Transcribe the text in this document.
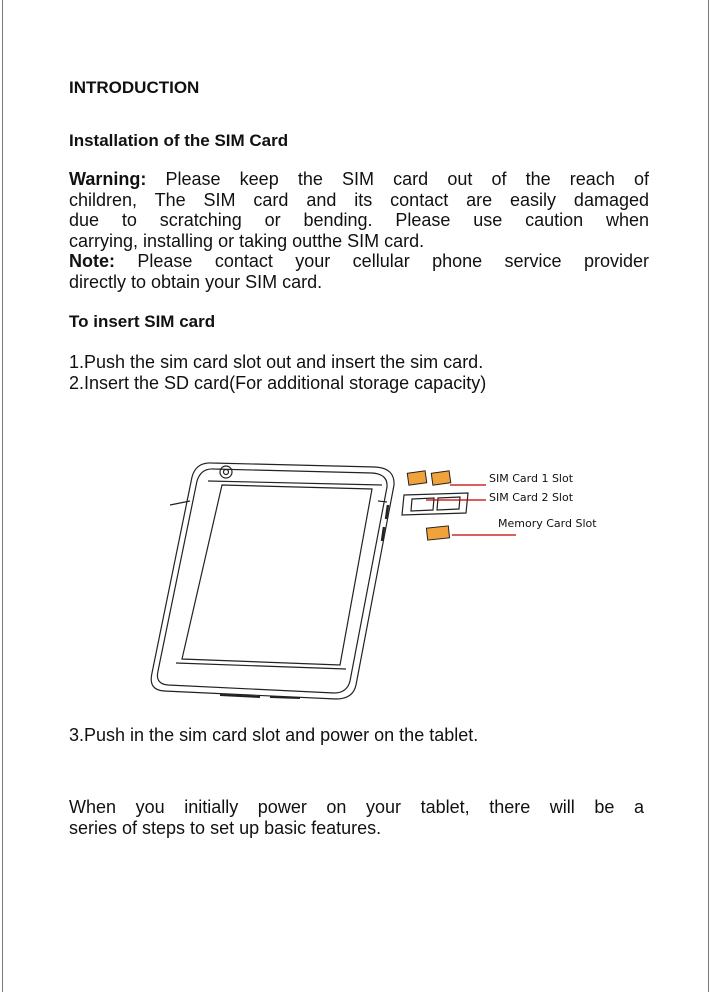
INTRODUCTION

Installation of the SIM Card

Warning: Please keep the SIM card out of the reach of

children, The SIM card and its contact are easily damaged

due to scratching or bending. Please use caution when

carrying, installing or taking outthe SIM card.

Note: Please contact your cellular phone service provider

directly to obtain your SIM card.

To insert SIM card

1.Push the sim card slot out and insert the sim card.

2.Insert the SD card(For additional storage capacity)

SIM Card 1 Slot
SIM Card 2 Slot
Memory Card Slot

3.Push in the sim card slot and power on the tablet.

When you initially power on your tablet, there will be a

series of steps to set up basic features.
